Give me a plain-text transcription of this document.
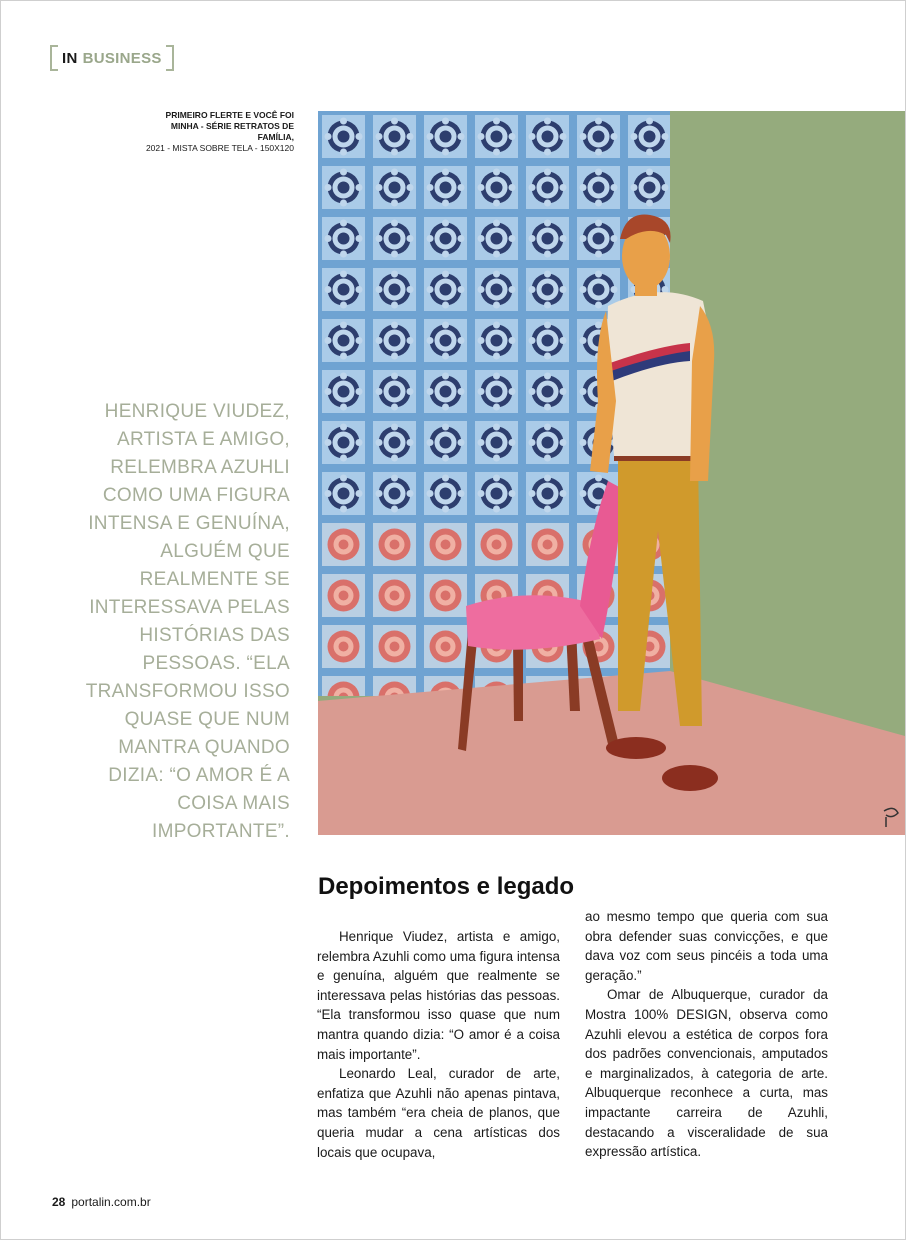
IN BUSINESS
PRIMEIRO FLERTE E VOCÊ FOI MINHA - SÉRIE RETRATOS DE FAMÍLIA,
2021 - MISTA SOBRE TELA - 150X120
HENRIQUE VIUDEZ, ARTISTA E AMIGO, RELEMBRA AZUHLI COMO UMA FIGURA INTENSA E GENUÍNA, ALGUÉM QUE REALMENTE SE INTERESSAVA PELAS HISTÓRIAS DAS PESSOAS. “ELA TRANSFORMOU ISSO QUASE QUE NUM MANTRA QUANDO DIZIA: “O AMOR É A COISA MAIS IMPORTANTE”.
Depoimentos e legado

Henrique Viudez, artista e amigo, relembra Azuhli como uma figura intensa e genuína, alguém que realmente se interessava pelas histórias das pessoas. “Ela transformou isso quase que num mantra quando dizia: “O amor é a coisa mais importante”.

Leonardo Leal, curador de arte, enfatiza que Azuhli não apenas pintava, mas também “era cheia de planos, que queria mudar a cena artísticas dos locais que ocupava,

ao mesmo tempo que queria com sua obra defender suas convicções, e que dava voz com seus pincéis a toda uma geração.”

Omar de Albuquerque, curador da Mostra 100% DESIGN, observa como Azuhli elevou a estética de corpos fora dos padrões convencionais, amputados e marginalizados, à categoria de arte. Albuquerque reconhece a curta, mas impactante carreira de Azuhli, destacando a visceralidade de sua expressão artística.

28 portalin.com.br
